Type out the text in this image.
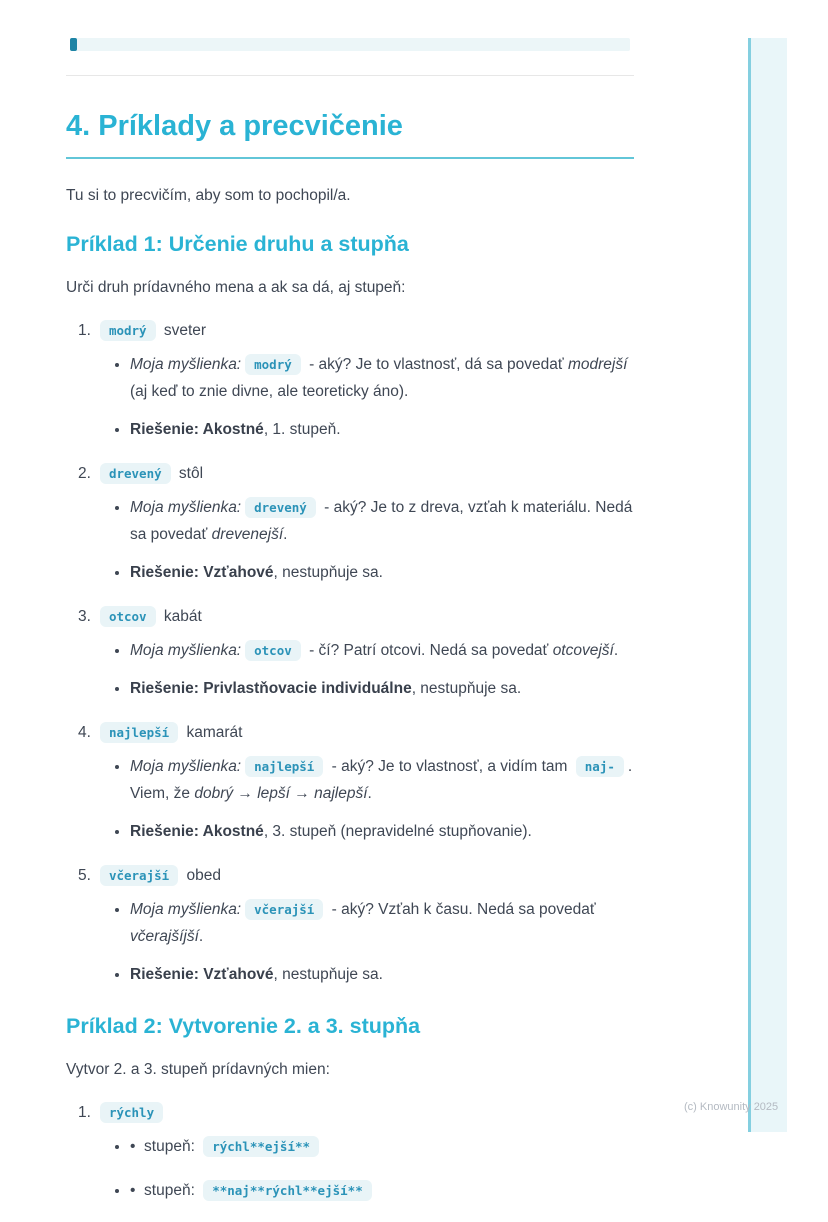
4. Príklady a precvičenie

Tu si to precvičím, aby som to pochopil/a.

Príklad 1: Určenie druhu a stupňa

Urči druh prídavného mena a ak sa dá, aj stupeň:

modrý sveter
• Moja myšlienka: modrý - aký? Je to vlastnosť, dá sa povedať modrejší (aj keď to znie divne, ale teoreticky áno).
• Riešenie: Akostné, 1. stupeň.
drevený stôl
• Moja myšlienka: drevený - aký? Je to z dreva, vzťah k materiálu. Nedá sa povedať drevenejší.
• Riešenie: Vzťahové, nestupňuje sa.
otcov kabát
• Moja myšlienka: otcov - čí? Patrí otcovi. Nedá sa povedať otcovejší.
• Riešenie: Privlastňovacie individuálne, nestupňuje sa.
najlepší kamarát
• Moja myšlienka: najlepší - aký? Je to vlastnosť, a vidím tam naj- . Viem, že dobrý → lepší → najlepší.
• Riešenie: Akostné, 3. stupeň (nepravidelné stupňovanie).
včerajší obed
• Moja myšlienka: včerajší - aký? Vzťah k času. Nedá sa povedať včerajšíjší.
• Riešenie: Vzťahové, nestupňuje sa.
Príklad 2: Vytvorenie 2. a 3. stupňa

Vytvor 2. a 3. stupeň prídavných mien:

rýchly
• •  stupeň: rýchl**ejší**
• •  stupeň: **naj**rýchl**ejší**
(c) Knowunity 2025
